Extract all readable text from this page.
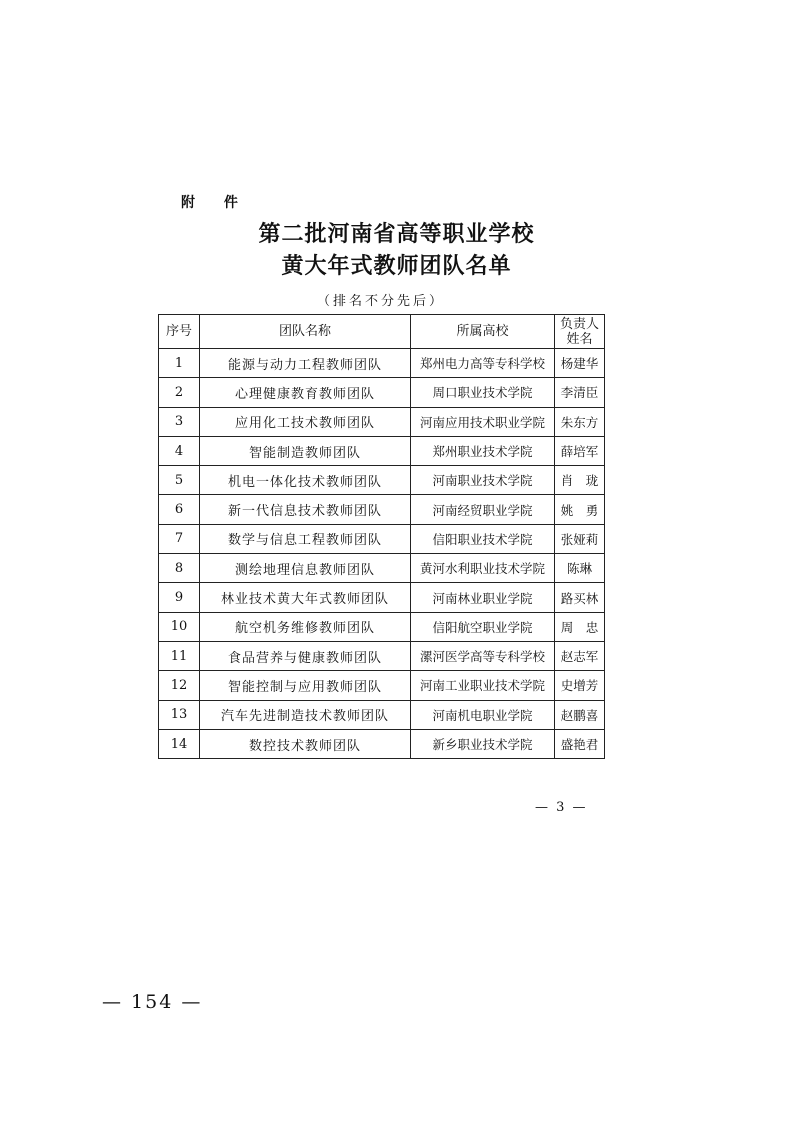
附 件
第二批河南省高等职业学校
黄大年式教师团队名单
（排名不分先后）
序号	团队名称	所属高校	负责人
姓名
1	能源与动力工程教师团队	郑州电力高等专科学校	杨建华
2	心理健康教育教师团队	周口职业技术学院	李清臣
3	应用化工技术教师团队	河南应用技术职业学院	朱东方
4	智能制造教师团队	郑州职业技术学院	薛培军
5	机电一体化技术教师团队	河南职业技术学院	肖　珑
6	新一代信息技术教师团队	河南经贸职业学院	姚　勇
7	数学与信息工程教师团队	信阳职业技术学院	张娅莉
8	测绘地理信息教师团队	黄河水利职业技术学院	陈琳
9	林业技术黄大年式教师团队	河南林业职业学院	路买林
10	航空机务维修教师团队	信阳航空职业学院	周　忠
11	食品营养与健康教师团队	漯河医学高等专科学校	赵志军
12	智能控制与应用教师团队	河南工业职业技术学院	史增芳
13	汽车先进制造技术教师团队	河南机电职业学院	赵鹏喜
14	数控技术教师团队	新乡职业技术学院	盛艳君
— 3 —
— 154 —
